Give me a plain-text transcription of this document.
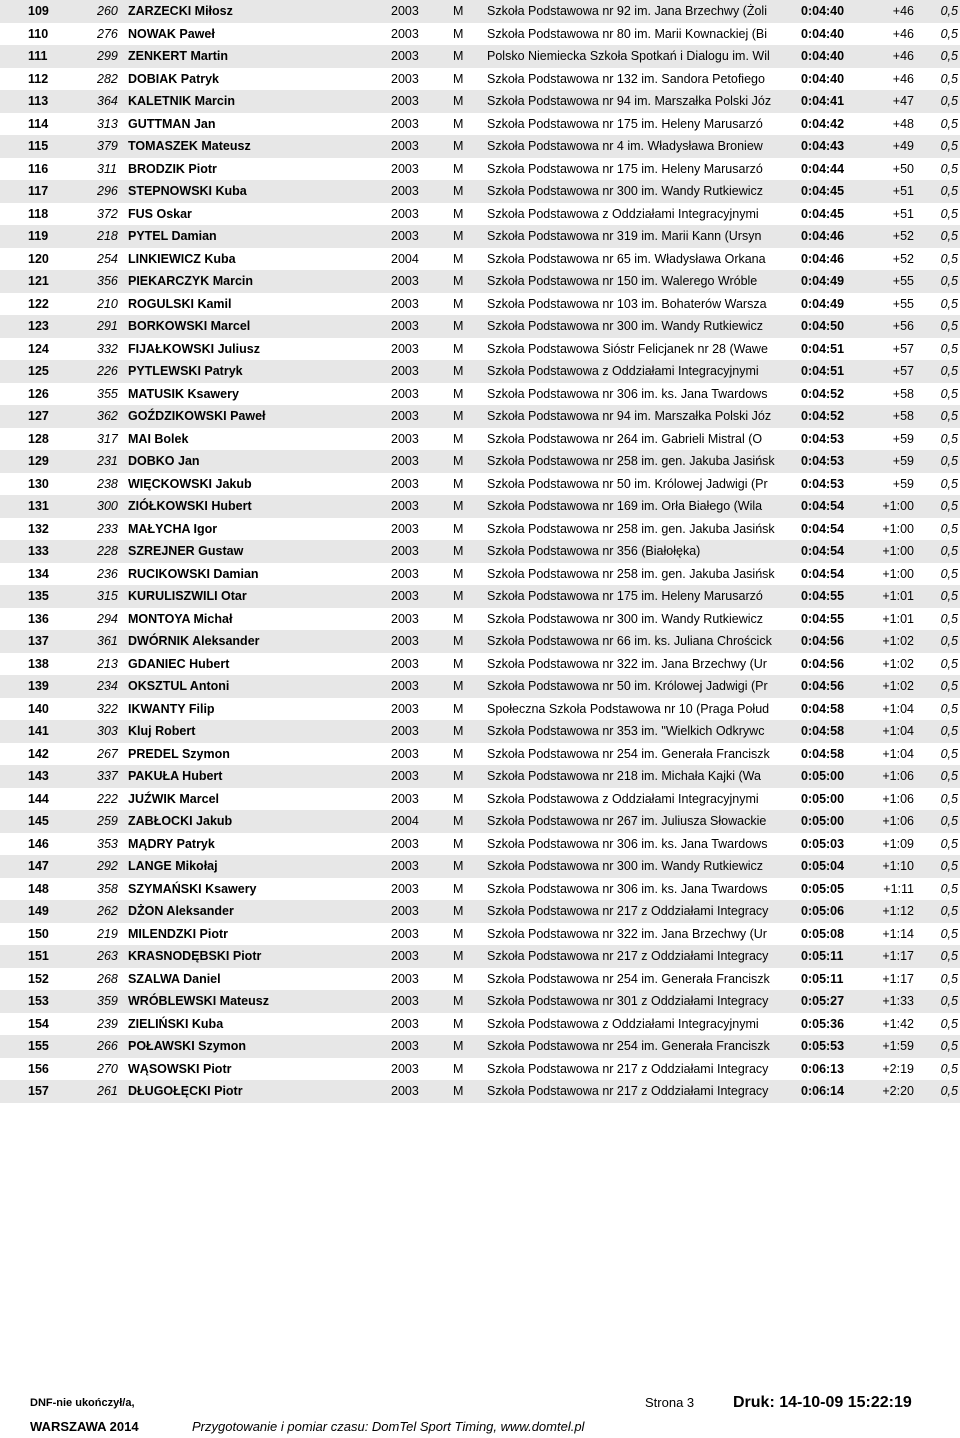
109	260 ZARZECKI Miłosz	2003	M	Szkoła Podstawowa nr 92 im. Jana Brzechwy (Żoli	0:04:40	+46	0,5
110	276 NOWAK Paweł	2003	M	Szkoła Podstawowa nr 80 im. Marii Kownackiej (Bi	0:04:40	+46	0,5
111	299 ZENKERT Martin	2003	M	Polsko Niemiecka Szkoła Spotkań i Dialogu im. Wil	0:04:40	+46	0,5
112	282 DOBIAK Patryk	2003	M	Szkoła Podstawowa nr 132 im. Sandora Petofiego	0:04:40	+46	0,5
113	364 KALETNIK Marcin	2003	M	Szkoła Podstawowa nr 94 im. Marszałka Polski Józ	0:04:41	+47	0,5
114	313 GUTTMAN Jan	2003	M	Szkoła Podstawowa nr 175 im. Heleny Marusarzó	0:04:42	+48	0,5
115	379 TOMASZEK Mateusz	2003	M	Szkoła Podstawowa nr 4 im. Władysława Broniew	0:04:43	+49	0,5
116	311 BRODZIK Piotr	2003	M	Szkoła Podstawowa nr 175 im. Heleny Marusarzó	0:04:44	+50	0,5
117	296 STEPNOWSKI Kuba	2003	M	Szkoła Podstawowa nr 300 im. Wandy Rutkiewicz	0:04:45	+51	0,5
118	372 FUS Oskar	2003	M	Szkoła Podstawowa z Oddziałami Integracyjnymi	0:04:45	+51	0,5
119	218 PYTEL Damian	2003	M	Szkoła Podstawowa nr 319 im. Marii Kann (Ursyn	0:04:46	+52	0,5
120	254 LINKIEWICZ Kuba	2004	M	Szkoła Podstawowa nr 65 im. Władysława Orkana	0:04:46	+52	0,5
121	356 PIEKARCZYK Marcin	2003	M	Szkoła Podstawowa nr 150 im. Walerego Wróble	0:04:49	+55	0,5
122	210 ROGULSKI Kamil	2003	M	Szkoła Podstawowa nr 103 im. Bohaterów Warsza	0:04:49	+55	0,5
123	291 BORKOWSKI Marcel	2003	M	Szkoła Podstawowa nr 300 im. Wandy Rutkiewicz	0:04:50	+56	0,5
124	332 FIJAŁKOWSKI Juliusz	2003	M	Szkoła Podstawowa Sióstr Felicjanek nr 28 (Wawe	0:04:51	+57	0,5
125	226 PYTLEWSKI Patryk	2003	M	Szkoła Podstawowa z Oddziałami Integracyjnymi	0:04:51	+57	0,5
126	355 MATUSIK Ksawery	2003	M	Szkoła Podstawowa nr 306 im. ks. Jana Twardows	0:04:52	+58	0,5
127	362 GOŹDZIKOWSKI Paweł	2003	M	Szkoła Podstawowa nr 94 im. Marszałka Polski Józ	0:04:52	+58	0,5
128	317 MAI Bolek	2003	M	Szkoła Podstawowa nr 264 im. Gabrieli Mistral (O	0:04:53	+59	0,5
129	231 DOBKO Jan	2003	M	Szkoła Podstawowa nr 258 im. gen. Jakuba Jasińsk	0:04:53	+59	0,5
130	238 WIĘCKOWSKI Jakub	2003	M	Szkoła Podstawowa nr 50 im. Królowej Jadwigi (Pr	0:04:53	+59	0,5
131	300 ZIÓŁKOWSKI Hubert	2003	M	Szkoła Podstawowa nr 169 im. Orła Białego (Wila	0:04:54	+1:00	0,5
132	233 MAŁYCHA Igor	2003	M	Szkoła Podstawowa nr 258 im. gen. Jakuba Jasińsk	0:04:54	+1:00	0,5
133	228 SZREJNER Gustaw	2003	M	Szkoła Podstawowa nr 356 (Białołęka)	0:04:54	+1:00	0,5
134	236 RUCIKOWSKI Damian	2003	M	Szkoła Podstawowa nr 258 im. gen. Jakuba Jasińsk	0:04:54	+1:00	0,5
135	315 KURULISZWILI Otar	2003	M	Szkoła Podstawowa nr 175 im. Heleny Marusarzó	0:04:55	+1:01	0,5
136	294 MONTOYA Michał	2003	M	Szkoła Podstawowa nr 300 im. Wandy Rutkiewicz	0:04:55	+1:01	0,5
137	361 DWÓRNIK Aleksander	2003	M	Szkoła Podstawowa nr 66 im. ks. Juliana Chrościck	0:04:56	+1:02	0,5
138	213 GDANIEC Hubert	2003	M	Szkoła Podstawowa nr 322 im. Jana Brzechwy (Ur	0:04:56	+1:02	0,5
139	234 OKSZTUL Antoni	2003	M	Szkoła Podstawowa nr 50 im. Królowej Jadwigi (Pr	0:04:56	+1:02	0,5
140	322 IKWANTY Filip	2003	M	Społeczna Szkoła Podstawowa nr 10 (Praga Połud	0:04:58	+1:04	0,5
141	303 Kluj Robert	2003	M	Szkoła Podstawowa nr 353 im. "Wielkich Odkrywc	0:04:58	+1:04	0,5
142	267 PREDEL Szymon	2003	M	Szkoła Podstawowa nr 254 im. Generała Franciszk	0:04:58	+1:04	0,5
143	337 PAKUŁA Hubert	2003	M	Szkoła Podstawowa nr 218 im. Michała Kajki (Wa	0:05:00	+1:06	0,5
144	222 JUŹWIK Marcel	2003	M	Szkoła Podstawowa z Oddziałami Integracyjnymi	0:05:00	+1:06	0,5
145	259 ZABŁOCKI Jakub	2004	M	Szkoła Podstawowa nr 267 im. Juliusza Słowackie	0:05:00	+1:06	0,5
146	353 MĄDRY Patryk	2003	M	Szkoła Podstawowa nr 306 im. ks. Jana Twardows	0:05:03	+1:09	0,5
147	292 LANGE Mikołaj	2003	M	Szkoła Podstawowa nr 300 im. Wandy Rutkiewicz	0:05:04	+1:10	0,5
148	358 SZYMAŃSKI Ksawery	2003	M	Szkoła Podstawowa nr 306 im. ks. Jana Twardows	0:05:05	+1:11	0,5
149	262 DŻON Aleksander	2003	M	Szkoła Podstawowa nr 217 z Oddziałami Integracy	0:05:06	+1:12	0,5
150	219 MILENDZKI Piotr	2003	M	Szkoła Podstawowa nr 322 im. Jana Brzechwy (Ur	0:05:08	+1:14	0,5
151	263 KRASNODĘBSKI Piotr	2003	M	Szkoła Podstawowa nr 217 z Oddziałami Integracy	0:05:11	+1:17	0,5
152	268 SZALWA Daniel	2003	M	Szkoła Podstawowa nr 254 im. Generała Franciszk	0:05:11	+1:17	0,5
153	359 WRÓBLEWSKI Mateusz	2003	M	Szkoła Podstawowa nr 301 z Oddziałami Integracy	0:05:27	+1:33	0,5
154	239 ZIELIŃSKI Kuba	2003	M	Szkoła Podstawowa z Oddziałami Integracyjnymi	0:05:36	+1:42	0,5
155	266 POŁAWSKI Szymon	2003	M	Szkoła Podstawowa nr 254 im. Generała Franciszk	0:05:53	+1:59	0,5
156	270 WĄSOWSKI Piotr	2003	M	Szkoła Podstawowa nr 217 z Oddziałami Integracy	0:06:13	+2:19	0,5
157	261 DŁUGOŁĘCKI Piotr	2003	M	Szkoła Podstawowa nr 217 z Oddziałami Integracy	0:06:14	+2:20	0,5
DNF-nie ukończył/a,	Strona 3 Druk: 14-10-09 15:22:19
WARSZAWA 2014	Przygotowanie i pomiar czasu: DomTel Sport Timing, www.domtel.pl
